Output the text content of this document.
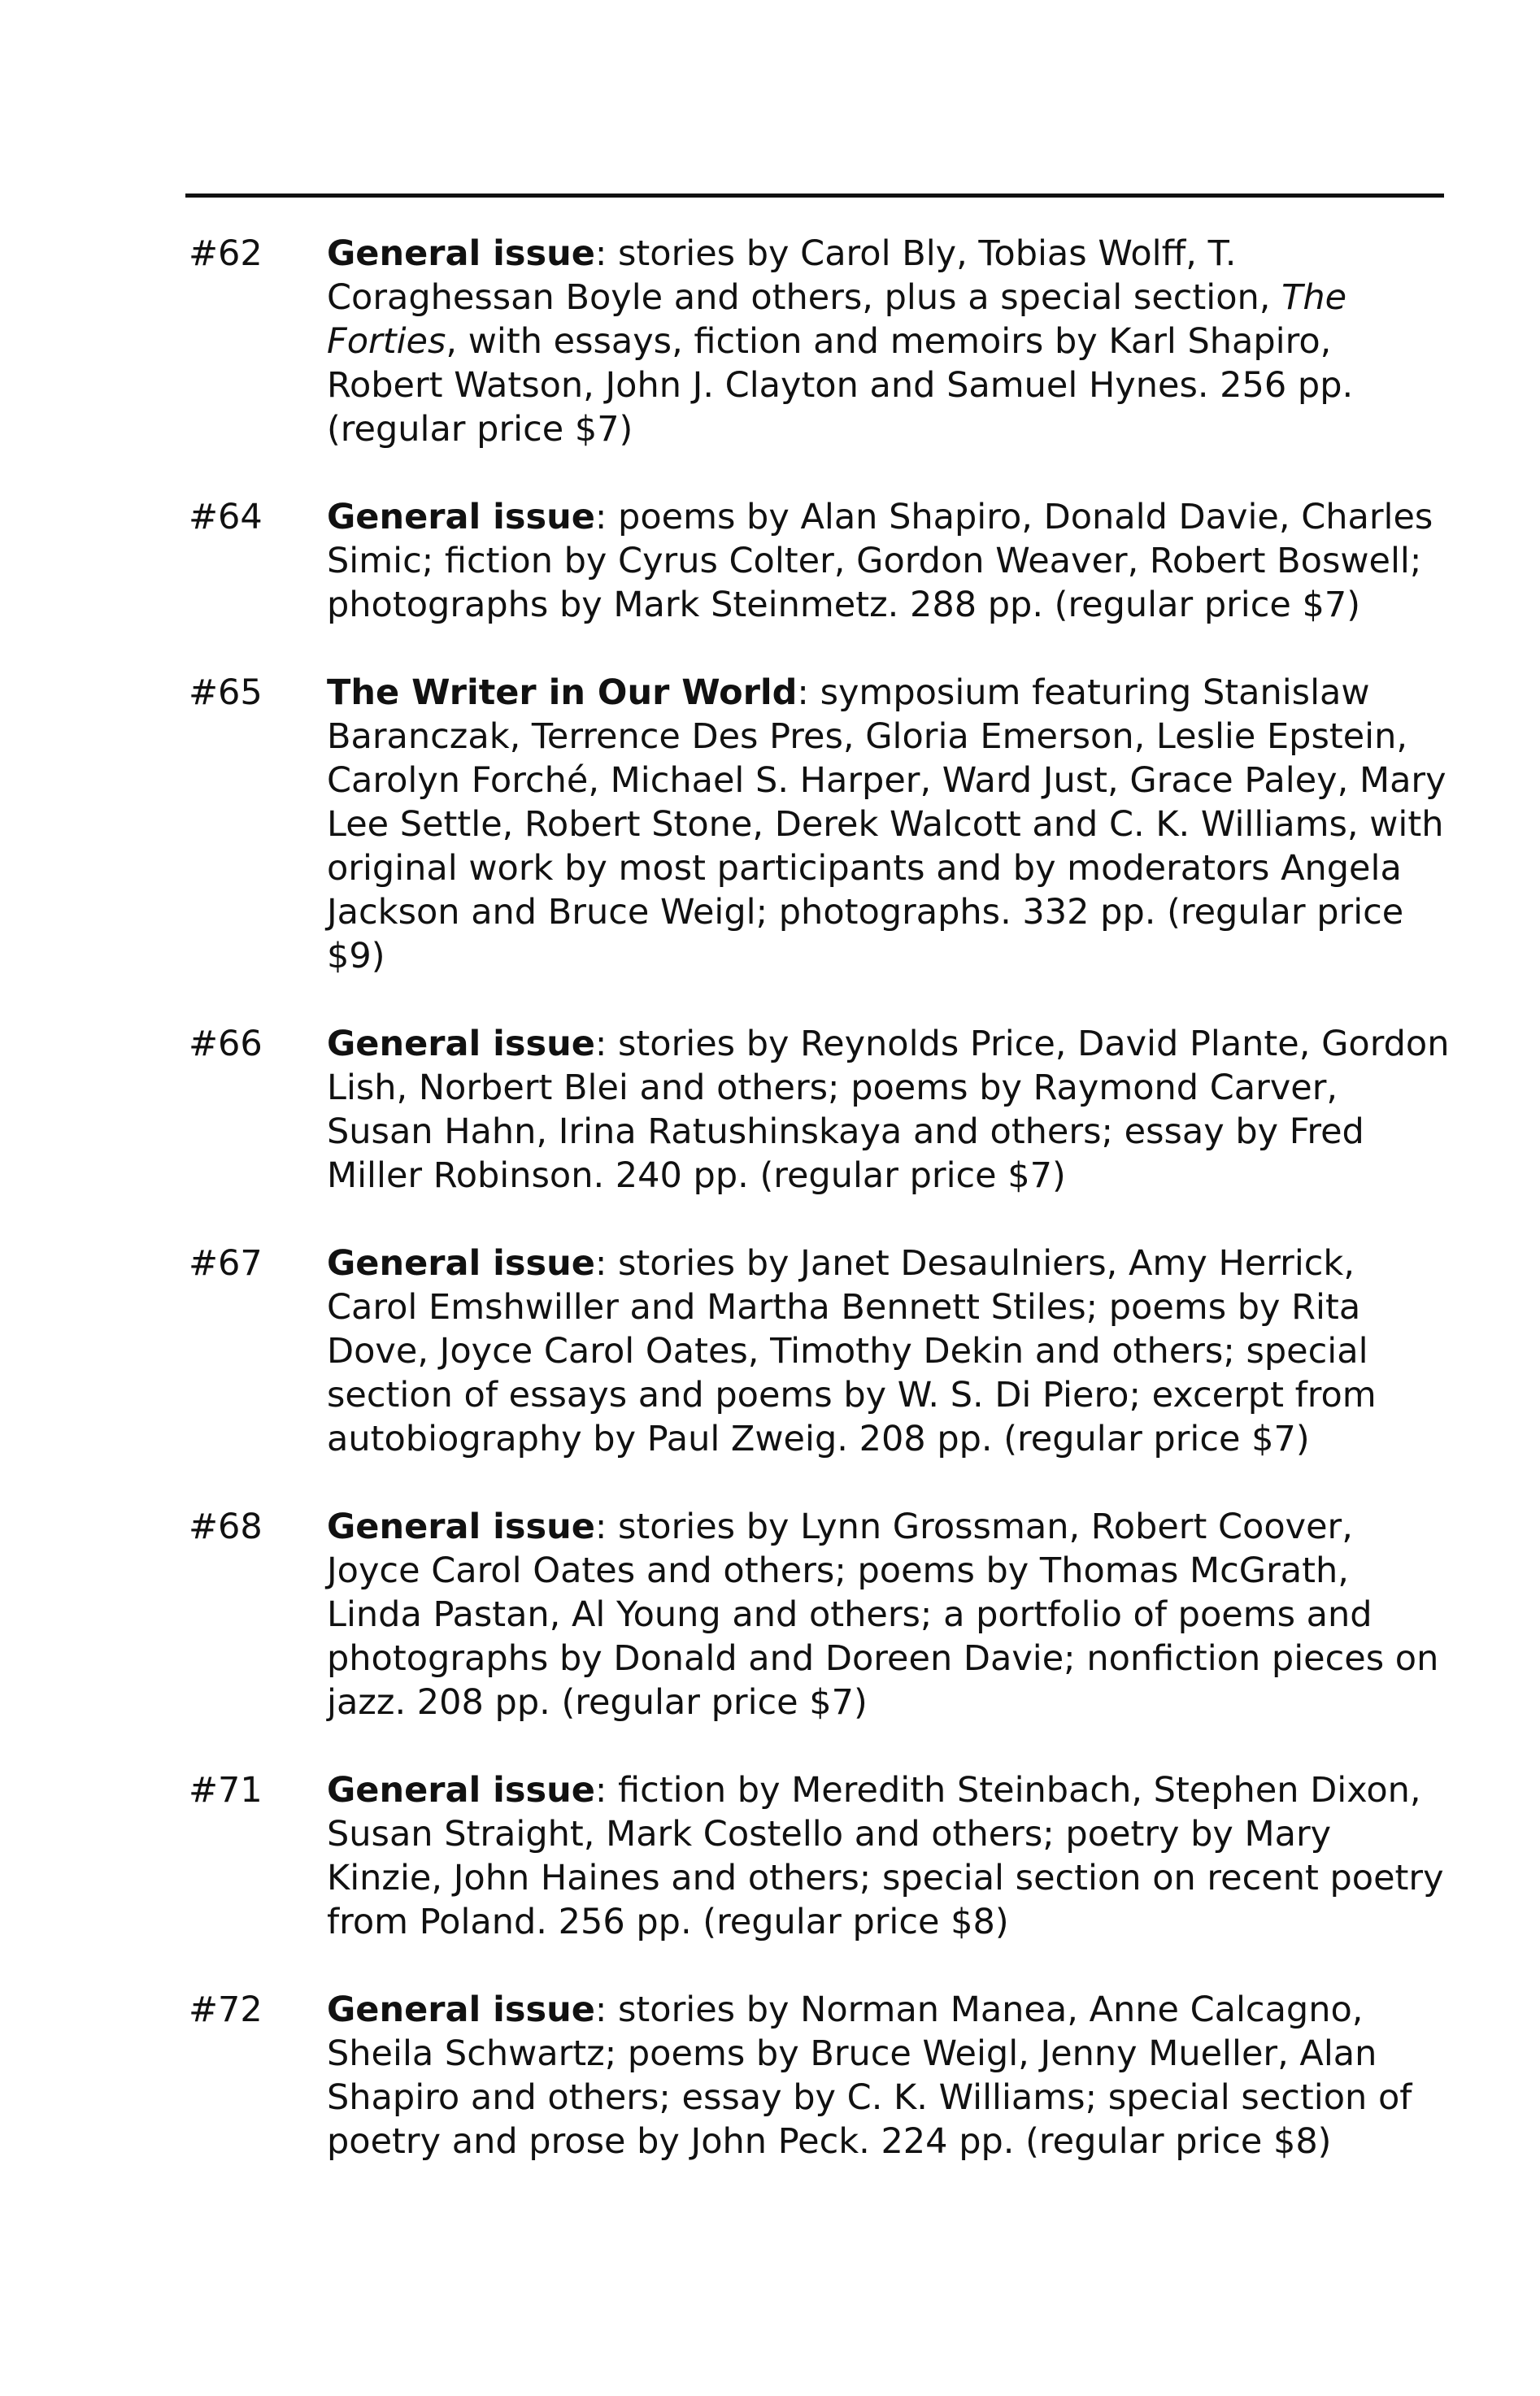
#62	General issue: stories by Carol Bly, Tobias Wolff, T. Coraghessan Boyle and others, plus a special section, The Forties, with essays, fiction and memoirs by Karl Shapiro, Robert Watson, John J. Clayton and Samuel Hynes. 256 pp. (regular price $7)
#64	General issue: poems by Alan Shapiro, Donald Davie, Charles Simic; fiction by Cyrus Colter, Gordon Weaver, Robert Boswell; photographs by Mark Steinmetz. 288 pp. (regular price $7)
#65	The Writer in Our World: symposium featuring Stanislaw Baranczak, Terrence Des Pres, Gloria Emerson, Leslie Epstein, Carolyn Forché, Michael S. Harper, Ward Just, Grace Paley, Mary Lee Settle, Robert Stone, Derek Walcott and C. K. Williams, with original work by most participants and by moderators Angela Jackson and Bruce Weigl; photographs. 332 pp. (regular price $9)
#66	General issue: stories by Reynolds Price, David Plante, Gordon Lish, Norbert Blei and others; poems by Raymond Carver, Susan Hahn, Irina Ratushinskaya and others; essay by Fred Miller Robinson. 240 pp. (regular price $7)
#67	General issue: stories by Janet Desaulniers, Amy Herrick, Carol Emshwiller and Martha Bennett Stiles; poems by Rita Dove, Joyce Carol Oates, Timothy Dekin and others; special section of essays and poems by W. S. Di Piero; excerpt from autobiography by Paul Zweig. 208 pp. (regular price $7)
#68	General issue: stories by Lynn Grossman, Robert Coover, Joyce Carol Oates and others; poems by Thomas McGrath, Linda Pastan, Al Young and others; a portfolio of poems and photographs by Donald and Doreen Davie; nonfiction pieces on jazz. 208 pp. (regular price $7)
#71	General issue: fiction by Meredith Steinbach, Stephen Dixon, Susan Straight, Mark Costello and others; poetry by Mary Kinzie, John Haines and others; special section on recent poetry from Poland. 256 pp. (regular price $8)
#72	General issue: stories by Norman Manea, Anne Calcagno, Sheila Schwartz; poems by Bruce Weigl, Jenny Mueller, Alan Shapiro and others; essay by C. K. Williams; special section of poetry and prose by John Peck. 224 pp. (regular price $8)
